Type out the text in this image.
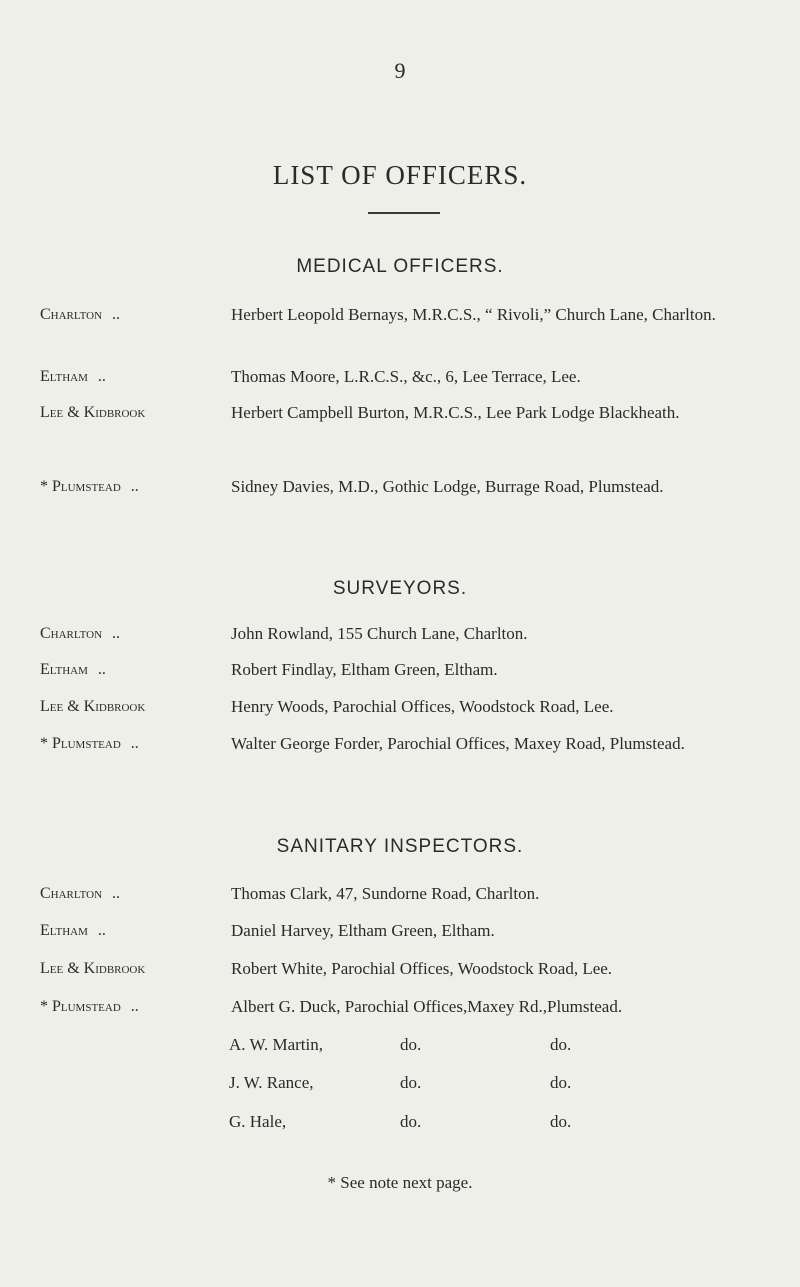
9
LIST OF OFFICERS.
MEDICAL OFFICERS.
Charlton ..	Herbert Leopold Bernays, M.R.C.S., “ Rivoli,” Church Lane, Charlton.
Eltham ..	Thomas Moore, L.R.C.S., &c., 6, Lee Terrace, Lee.
Lee & Kidbrook	Herbert Campbell Burton, M.R.C.S., Lee Park Lodge Blackheath.
* Plumstead ..	Sidney Davies, M.D., Gothic Lodge, Burrage Road, Plumstead.
SURVEYORS.
Charlton ..	John Rowland, 155 Church Lane, Charlton.
Eltham ..	Robert Findlay, Eltham Green, Eltham.
Lee & Kidbrook	Henry Woods, Parochial Offices, Woodstock Road, Lee.
* Plumstead ..	Walter George Forder, Parochial Offices, Maxey Road, Plumstead.
SANITARY INSPECTORS.
Charlton ..	Thomas Clark, 47, Sundorne Road, Charlton.
Eltham ..	Daniel Harvey, Eltham Green, Eltham.
Lee & Kidbrook	Robert White, Parochial Offices, Woodstock Road, Lee.
* Plumstead ..	Albert G. Duck, Parochial Offices,Maxey Rd.,Plumstead.
A. W. Martin,	do.	do.
J. W. Rance,	do.	do.
G. Hale,	do.	do.
* See note next page.
